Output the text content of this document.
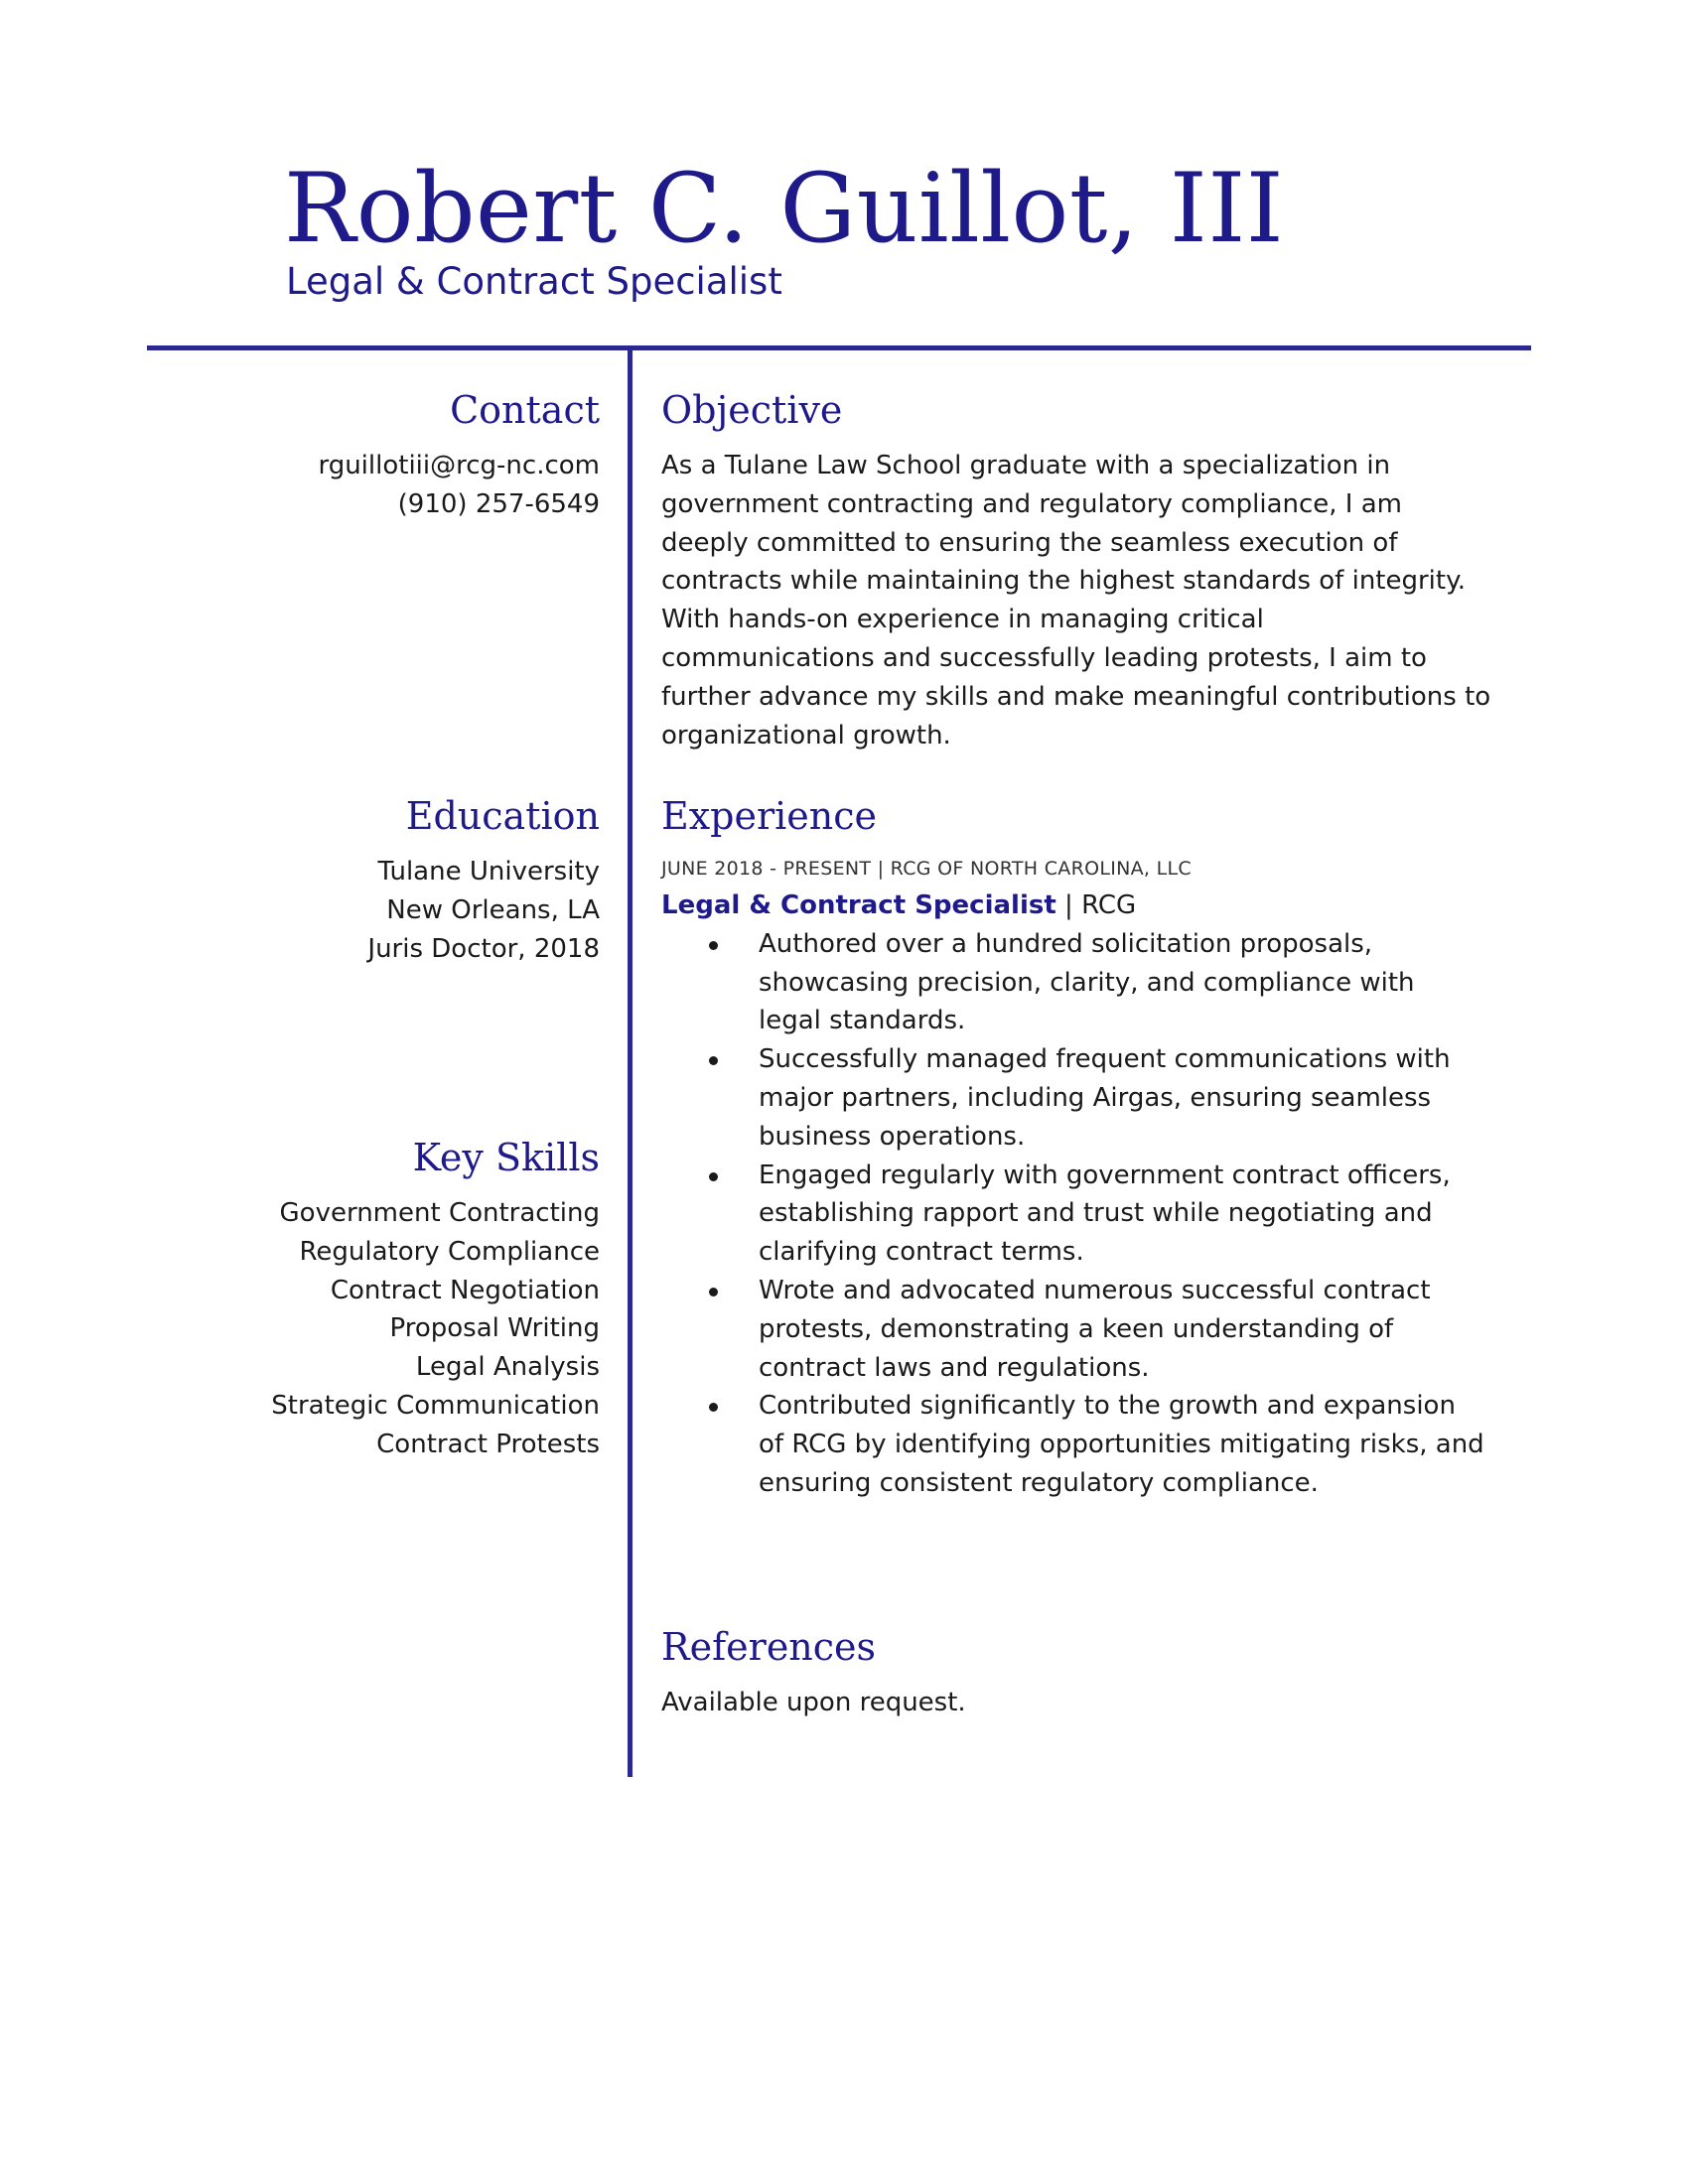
Robert C. Guillot, III
Legal & Contract Specialist
Contact
rguillotiii@rcg-nc.com
(910) 257-6549
Education
Tulane University
New Orleans, LA
Juris Doctor, 2018
Key Skills
Government Contracting
Regulatory Compliance
Contract Negotiation
Proposal Writing
Legal Analysis
Strategic Communication
Contract Protests
Objective
As a Tulane Law School graduate with a specialization in
government contracting and regulatory compliance, I am
deeply committed to ensuring the seamless execution of
contracts while maintaining the highest standards of integrity.
With hands-on experience in managing critical
communications and successfully leading protests, I aim to
further advance my skills and make meaningful contributions to
organizational growth.
Experience
JUNE 2018 - PRESENT | RCG OF NORTH CAROLINA, LLC
Legal & Contract Specialist | RCG
Authored over a hundred solicitation proposals,
showcasing precision, clarity, and compliance with
legal standards.
Successfully managed frequent communications with
major partners, including Airgas, ensuring seamless
business operations.
Engaged regularly with government contract officers,
establishing rapport and trust while negotiating and
clarifying contract terms.
Wrote and advocated numerous successful contract
protests, demonstrating a keen understanding of
contract laws and regulations.
Contributed significantly to the growth and expansion
of RCG by identifying opportunities mitigating risks, and
ensuring consistent regulatory compliance.
References
Available upon request.
